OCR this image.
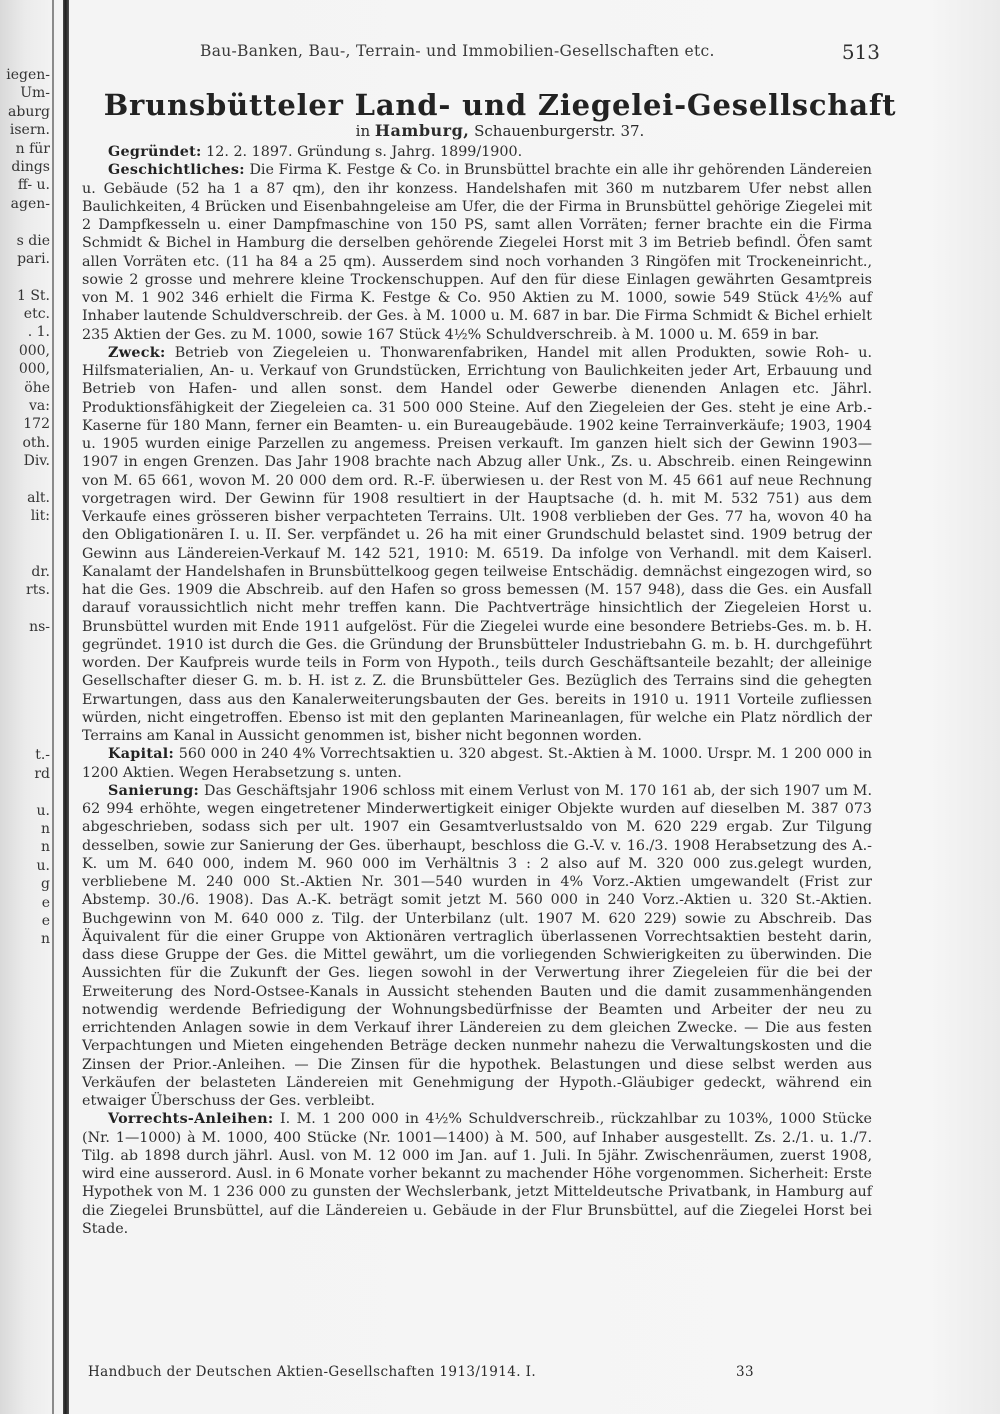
iegen-
Um-
aburg
isern.
n für
dings
ff- u.
agen-
s die
pari.
1 St.
etc.
. 1.
000,
000,
öhe
va:
172
oth.
Div.
alt.
lit:
dr.
rts.
ns-
t.-
rd
u.
n
n
u.
g
e
e
n
Bau-Banken, Bau-, Terrain- und Immobilien-Gesellschaften etc.	513
Brunsbütteler Land- und Ziegelei-Gesellschaft
in Hamburg, Schauenburgerstr. 37.

Gegründet: 12. 2. 1897. Gründung s. Jahrg. 1899/1900.

Geschichtliches: Die Firma K. Festge & Co. in Brunsbüttel brachte ein alle ihr gehörenden Ländereien u. Gebäude (52 ha 1 a 87 qm), den ihr konzess. Handelshafen mit 360 m nutzbarem Ufer nebst allen Baulichkeiten, 4 Brücken und Eisenbahngeleise am Ufer, die der Firma in Brunsbüttel gehörige Ziegelei mit 2 Dampfkesseln u. einer Dampfmaschine von 150 PS, samt allen Vorräten; ferner brachte ein die Firma Schmidt & Bichel in Hamburg die derselben gehörende Ziegelei Horst mit 3 im Betrieb befindl. Öfen samt allen Vorräten etc. (11 ha 84 a 25 qm). Ausserdem sind noch vorhanden 3 Ringöfen mit Trockeneinricht., sowie 2 grosse und mehrere kleine Trockenschuppen. Auf den für diese Einlagen gewährten Gesamtpreis von M. 1 902 346 erhielt die Firma K. Festge & Co. 950 Aktien zu M. 1000, sowie 549 Stück 4½% auf Inhaber lautende Schuldverschreib. der Ges. à M. 1000 u. M. 687 in bar. Die Firma Schmidt & Bichel erhielt 235 Aktien der Ges. zu M. 1000, sowie 167 Stück 4½% Schuldverschreib. à M. 1000 u. M. 659 in bar.

Zweck: Betrieb von Ziegeleien u. Thonwarenfabriken, Handel mit allen Produkten, sowie Roh- u. Hilfsmaterialien, An- u. Verkauf von Grundstücken, Errichtung von Baulichkeiten jeder Art, Erbauung und Betrieb von Hafen- und allen sonst. dem Handel oder Gewerbe dienenden Anlagen etc. Jährl. Produktionsfähigkeit der Ziegeleien ca. 31 500 000 Steine. Auf den Ziegeleien der Ges. steht je eine Arb.-Kaserne für 180 Mann, ferner ein Beamten- u. ein Bureaugebäude. 1902 keine Terrainverkäufe; 1903, 1904 u. 1905 wurden einige Parzellen zu angemess. Preisen verkauft. Im ganzen hielt sich der Gewinn 1903—1907 in engen Grenzen. Das Jahr 1908 brachte nach Abzug aller Unk., Zs. u. Abschreib. einen Reingewinn von M. 65 661, wovon M. 20 000 dem ord. R.-F. überwiesen u. der Rest von M. 45 661 auf neue Rechnung vorgetragen wird. Der Gewinn für 1908 resultiert in der Hauptsache (d. h. mit M. 532 751) aus dem Verkaufe eines grösseren bisher verpachteten Terrains. Ult. 1908 verblieben der Ges. 77 ha, wovon 40 ha den Obligationären I. u. II. Ser. verpfändet u. 26 ha mit einer Grundschuld belastet sind. 1909 betrug der Gewinn aus Ländereien-Verkauf M. 142 521, 1910: M. 6519. Da infolge von Verhandl. mit dem Kaiserl. Kanalamt der Handelshafen in Brunsbüttelkoog gegen teilweise Entschädig. demnächst eingezogen wird, so hat die Ges. 1909 die Abschreib. auf den Hafen so gross bemessen (M. 157 948), dass die Ges. ein Ausfall darauf voraussichtlich nicht mehr treffen kann. Die Pachtverträge hinsichtlich der Ziegeleien Horst u. Brunsbüttel wurden mit Ende 1911 aufgelöst. Für die Ziegelei wurde eine besondere Betriebs-Ges. m. b. H. gegründet. 1910 ist durch die Ges. die Gründung der Brunsbütteler Industriebahn G. m. b. H. durchgeführt worden. Der Kaufpreis wurde teils in Form von Hypoth., teils durch Geschäftsanteile bezahlt; der alleinige Gesellschafter dieser G. m. b. H. ist z. Z. die Brunsbütteler Ges. Bezüglich des Terrains sind die gehegten Erwartungen, dass aus den Kanalerweiterungsbauten der Ges. bereits in 1910 u. 1911 Vorteile zufliessen würden, nicht eingetroffen. Ebenso ist mit den geplanten Marineanlagen, für welche ein Platz nördlich der Terrains am Kanal in Aussicht genommen ist, bisher nicht begonnen worden.

Kapital: 560 000 in 240 4% Vorrechtsaktien u. 320 abgest. St.-Aktien à M. 1000. Urspr. M. 1 200 000 in 1200 Aktien. Wegen Herabsetzung s. unten.

Sanierung: Das Geschäftsjahr 1906 schloss mit einem Verlust von M. 170 161 ab, der sich 1907 um M. 62 994 erhöhte, wegen eingetretener Minderwertigkeit einiger Objekte wurden auf dieselben M. 387 073 abgeschrieben, sodass sich per ult. 1907 ein Gesamtverlustsaldo von M. 620 229 ergab. Zur Tilgung desselben, sowie zur Sanierung der Ges. überhaupt, beschloss die G.-V. v. 16./3. 1908 Herabsetzung des A.-K. um M. 640 000, indem M. 960 000 im Verhältnis 3 : 2 also auf M. 320 000 zus.gelegt wurden, verbliebene M. 240 000 St.-Aktien Nr. 301—540 wurden in 4% Vorz.-Aktien umgewandelt (Frist zur Abstemp. 30./6. 1908). Das A.-K. beträgt somit jetzt M. 560 000 in 240 Vorz.-Aktien u. 320 St.-Aktien. Buchgewinn von M. 640 000 z. Tilg. der Unterbilanz (ult. 1907 M. 620 229) sowie zu Abschreib. Das Äquivalent für die einer Gruppe von Aktionären vertraglich überlassenen Vorrechtsaktien besteht darin, dass diese Gruppe der Ges. die Mittel gewährt, um die vorliegenden Schwierigkeiten zu überwinden. Die Aussichten für die Zukunft der Ges. liegen sowohl in der Verwertung ihrer Ziegeleien für die bei der Erweiterung des Nord-Ostsee-Kanals in Aussicht stehenden Bauten und die damit zusammenhängenden notwendig werdende Befriedigung der Wohnungsbedürfnisse der Beamten und Arbeiter der neu zu errichtenden Anlagen sowie in dem Verkauf ihrer Ländereien zu dem gleichen Zwecke. — Die aus festen Verpachtungen und Mieten eingehenden Beträge decken nunmehr nahezu die Verwaltungskosten und die Zinsen der Prior.-Anleihen. — Die Zinsen für die hypothek. Belastungen und diese selbst werden aus Verkäufen der belasteten Ländereien mit Genehmigung der Hypoth.-Gläubiger gedeckt, während ein etwaiger Überschuss der Ges. verbleibt.

Vorrechts-Anleihen: I. M. 1 200 000 in 4½% Schuldverschreib., rückzahlbar zu 103%, 1000 Stücke (Nr. 1—1000) à M. 1000, 400 Stücke (Nr. 1001—1400) à M. 500, auf Inhaber ausgestellt. Zs. 2./1. u. 1./7. Tilg. ab 1898 durch jährl. Ausl. von M. 12 000 im Jan. auf 1. Juli. In 5jähr. Zwischenräumen, zuerst 1908, wird eine ausserord. Ausl. in 6 Monate vorher bekannt zu machender Höhe vorgenommen. Sicherheit: Erste Hypothek von M. 1 236 000 zu gunsten der Wechslerbank, jetzt Mitteldeutsche Privatbank, in Hamburg auf die Ziegelei Brunsbüttel, auf die Ländereien u. Gebäude in der Flur Brunsbüttel, auf die Ziegelei Horst bei Stade.

Handbuch der Deutschen Aktien-Gesellschaften 1913/1914. I.	33
